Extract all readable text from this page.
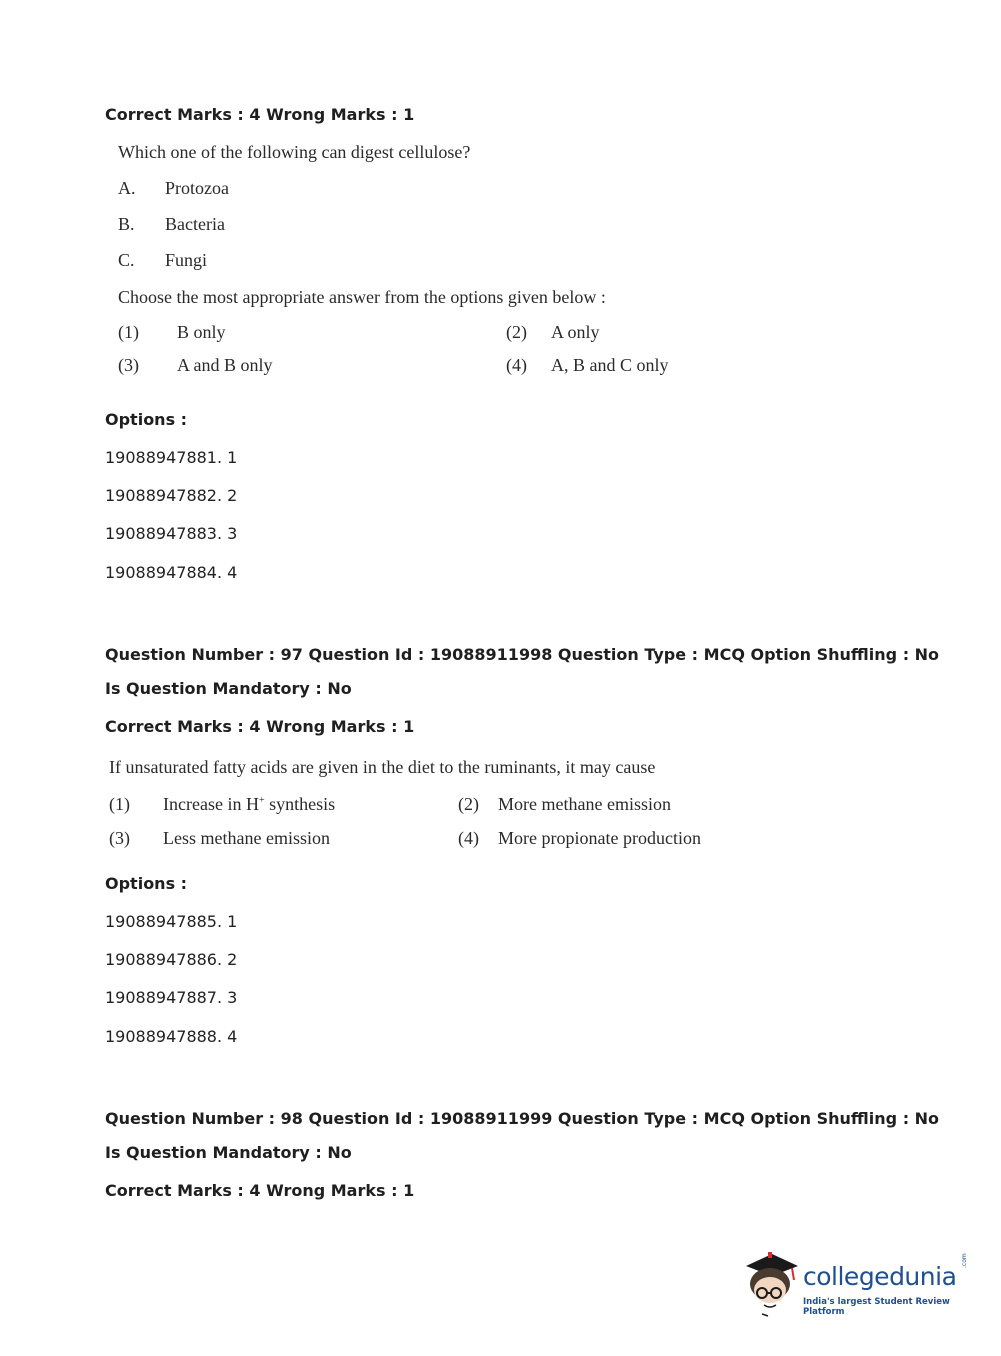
Correct Marks : 4 Wrong Marks : 1
Which one of the following can digest cellulose?
A. Protozoa
B. Bacteria
C. Fungi
Choose the most appropriate answer from the options given below :
(1) B only	(2) A only
(3) A and B only	(4) A, B and C only
Options :
19088947881. 1
19088947882. 2
19088947883. 3
19088947884. 4
Question Number : 97 Question Id : 19088911998 Question Type : MCQ Option Shuffling : No
Is Question Mandatory : No
Correct Marks : 4 Wrong Marks : 1
If unsaturated fatty acids are given in the diet to the ruminants, it may cause
(1) Increase in H+ synthesis	(2) More methane emission
(3) Less methane emission	(4) More propionate production
Options :
19088947885. 1
19088947886. 2
19088947887. 3
19088947888. 4
Question Number : 98 Question Id : 19088911999 Question Type : MCQ Option Shuffling : No
Is Question Mandatory : No
Correct Marks : 4 Wrong Marks : 1
collegedunia
.com
India's largest Student Review Platform
